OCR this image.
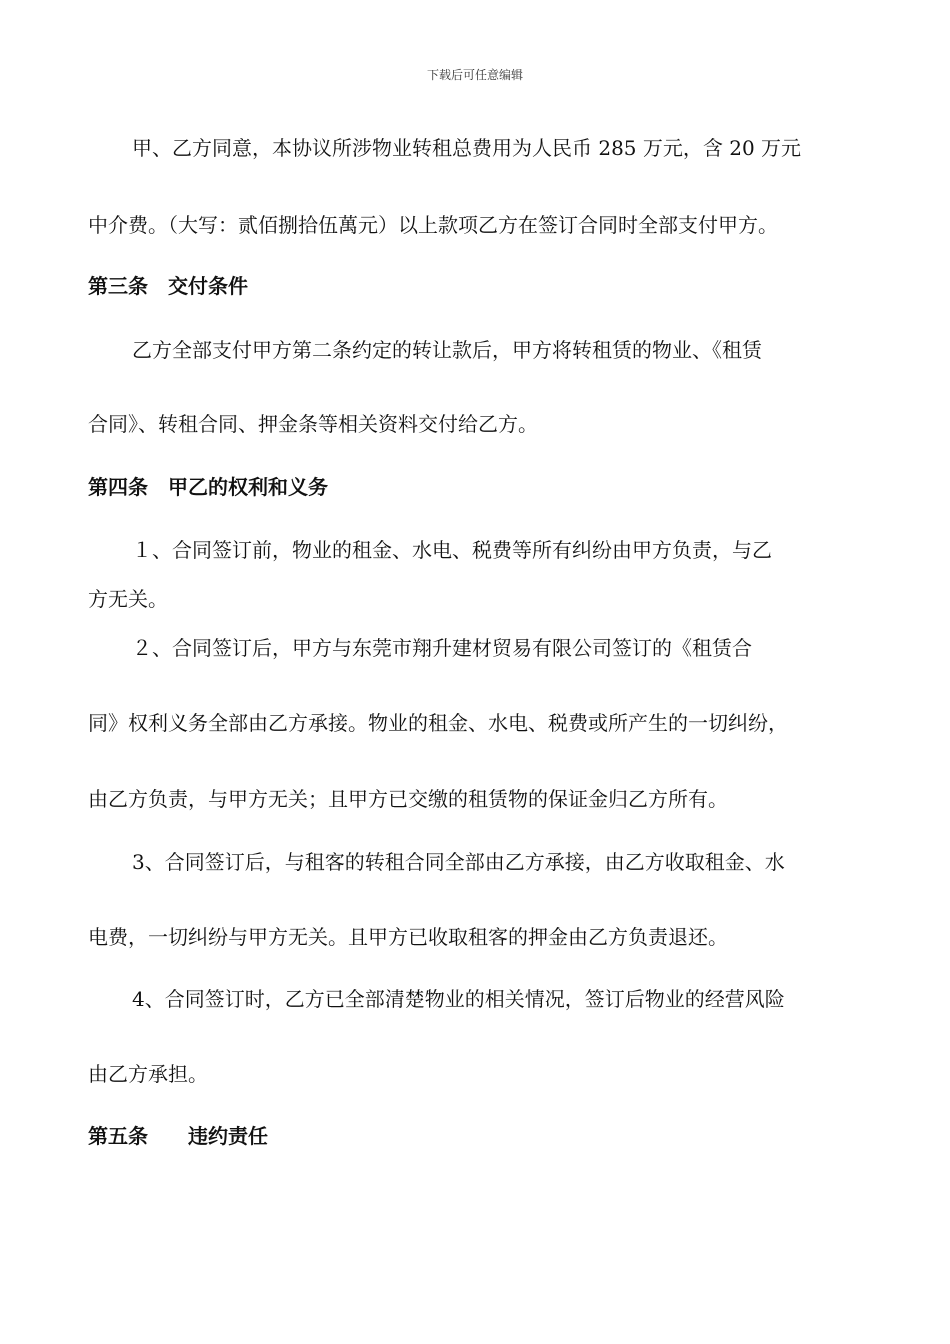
下载后可任意编辑
甲、乙方同意，本协议所涉物业转租总费用为人民币 285 万元，含 20 万元
中介费。（大写：贰佰捌拾伍萬元）以上款项乙方在签订合同时全部支付甲方。
第三条　交付条件
乙方全部支付甲方第二条约定的转让款后，甲方将转租赁的物业、《租赁
合同》、转租合同、押金条等相关资料交付给乙方。
第四条　甲乙的权利和义务
１、合同签订前，物业的租金、水电、税费等所有纠纷由甲方负责，与乙
方无关。
２、合同签订后，甲方与东莞市翔升建材贸易有限公司签订的《租赁合
同》权利义务全部由乙方承接。物业的租金、水电、税费或所产生的一切纠纷，
由乙方负责，与甲方无关；且甲方已交缴的租赁物的保证金归乙方所有。
3、合同签订后，与租客的转租合同全部由乙方承接，由乙方收取租金、水
电费，一切纠纷与甲方无关。且甲方已收取租客的押金由乙方负责退还。
4、合同签订时，乙方已全部清楚物业的相关情况，签订后物业的经营风险
由乙方承担。
第五条　　违约责任
